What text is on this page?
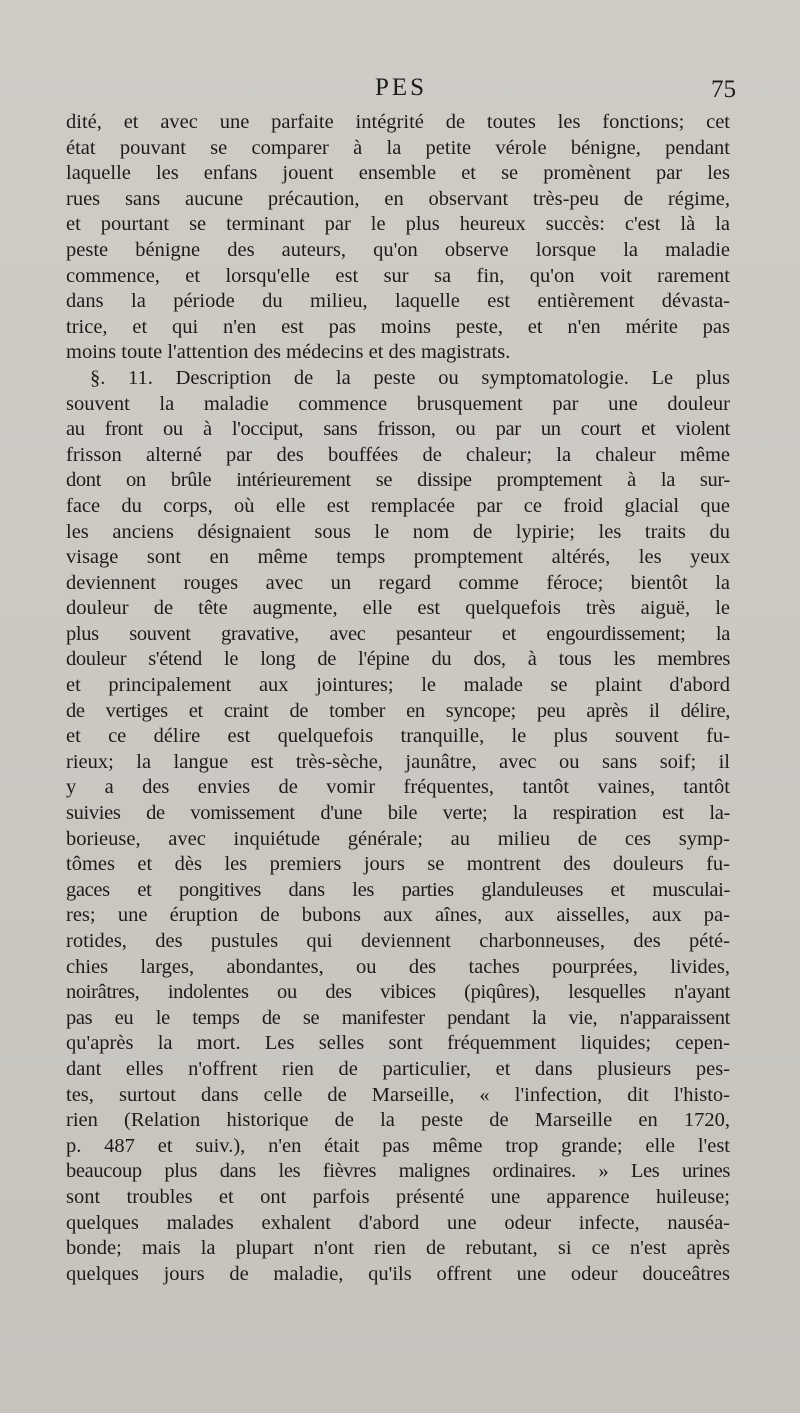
PES	75
dité, et avec une parfaite intégrité de toutes les fonctions; cet
état pouvant se comparer à la petite vérole bénigne, pendant
laquelle les enfans jouent ensemble et se promènent par les
rues sans aucune précaution, en observant très-peu de régime,
et pourtant se terminant par le plus heureux succès: c'est là la
peste bénigne des auteurs, qu'on observe lorsque la maladie
commence, et lorsqu'elle est sur sa fin, qu'on voit rarement
dans la période du milieu, laquelle est entièrement dévasta-
trice, et qui n'en est pas moins peste, et n'en mérite pas
moins toute l'attention des médecins et des magistrats.
§. 11. Description de la peste ou symptomatologie. Le plus
souvent la maladie commence brusquement par une douleur
au front ou à l'occiput, sans frisson, ou par un court et violent
frisson alterné par des bouffées de chaleur; la chaleur même
dont on brûle intérieurement se dissipe promptement à la sur-
face du corps, où elle est remplacée par ce froid glacial que
les anciens désignaient sous le nom de lypirie; les traits du
visage sont en même temps promptement altérés, les yeux
deviennent rouges avec un regard comme féroce; bientôt la
douleur de tête augmente, elle est quelquefois très aiguë, le
plus souvent gravative, avec pesanteur et engourdissement; la
douleur s'étend le long de l'épine du dos, à tous les membres
et principalement aux jointures; le malade se plaint d'abord
de vertiges et craint de tomber en syncope; peu après il délire,
et ce délire est quelquefois tranquille, le plus souvent fu-
rieux; la langue est très-sèche, jaunâtre, avec ou sans soif; il
y a des envies de vomir fréquentes, tantôt vaines, tantôt
suivies de vomissement d'une bile verte; la respiration est la-
borieuse, avec inquiétude générale; au milieu de ces symp-
tômes et dès les premiers jours se montrent des douleurs fu-
gaces et pongitives dans les parties glanduleuses et musculai-
res; une éruption de bubons aux aînes, aux aisselles, aux pa-
rotides, des pustules qui deviennent charbonneuses, des pété-
chies larges, abondantes, ou des taches pourprées, livides,
noirâtres, indolentes ou des vibices (piqûres), lesquelles n'ayant
pas eu le temps de se manifester pendant la vie, n'apparaissent
qu'après la mort. Les selles sont fréquemment liquides; cepen-
dant elles n'offrent rien de particulier, et dans plusieurs pes-
tes, surtout dans celle de Marseille, « l'infection, dit l'histo-
rien (Relation historique de la peste de Marseille en 1720,
p. 487 et suiv.), n'en était pas même trop grande; elle l'est
beaucoup plus dans les fièvres malignes ordinaires. » Les urines
sont troubles et ont parfois présenté une apparence huileuse;
quelques malades exhalent d'abord une odeur infecte, nauséa-
bonde; mais la plupart n'ont rien de rebutant, si ce n'est après
quelques jours de maladie, qu'ils offrent une odeur douceâtres
